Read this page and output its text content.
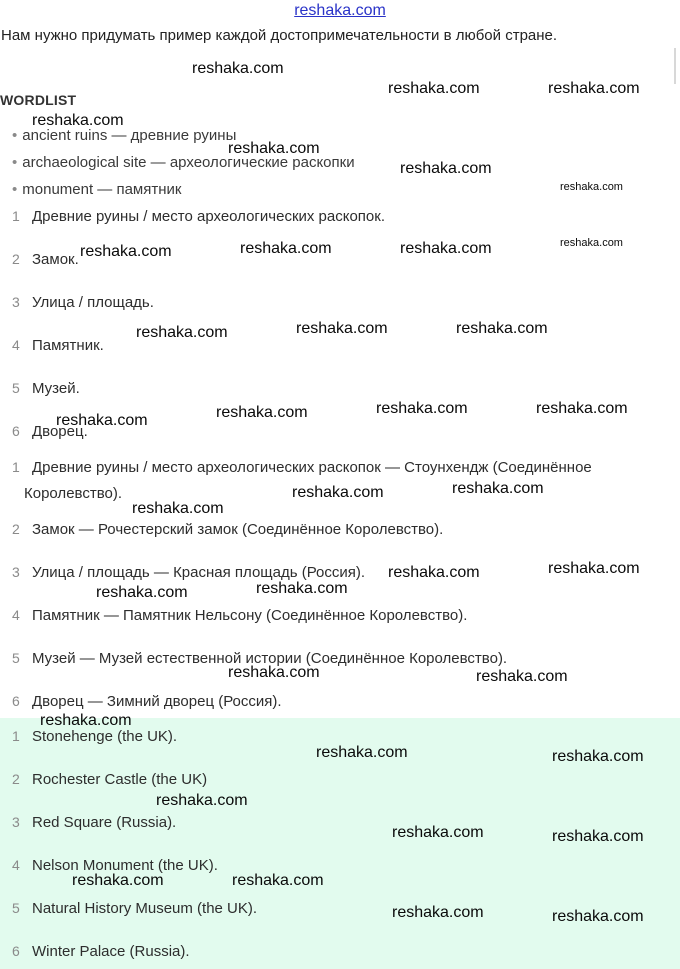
reshaka.com
Нам нужно придумать пример каждой достопримечательности в любой стране.
WORDLIST
• ancient ruins — древние руины
• archaeological site — археологические раскопки
• monument — памятник
1 Древние руины / место археологических раскопок.
2 Замок.
3 Улица / площадь.
4 Памятник.
5 Музей.
6 Дворец.
1 Древние руины / место археологических раскопок — Стоунхендж (Соединённое
Королевство).
2 Замок — Рочестерский замок (Соединённое Королевство).
3 Улица / площадь — Красная площадь (Россия).
4 Памятник — Памятник Нельсону (Соединённое Королевство).
5 Музей — Музей естественной истории (Соединённое Королевство).
6 Дворец — Зимний дворец (Россия).
1 Stonehenge (the UK).
2 Rochester Castle (the UK)
3 Red Square (Russia).
4 Nelson Monument (the UK).
5 Natural History Museum (the UK).
6 Winter Palace (Russia).
reshaka.com
reshaka.com	reshaka.com
reshaka.com
reshaka.com
reshaka.com
reshaka.com
reshaka.com	reshaka.com	reshaka.com	reshaka.com
reshaka.com	reshaka.com	reshaka.com
reshaka.com	reshaka.com	reshaka.com	reshaka.com
reshaka.com
reshaka.com	reshaka.com
reshaka.com	reshaka.com
reshaka.com	reshaka.com
reshaka.com	reshaka.com
reshaka.com
reshaka.com	reshaka.com
reshaka.com
reshaka.com	reshaka.com
reshaka.com	reshaka.com
reshaka.com	reshaka.com
